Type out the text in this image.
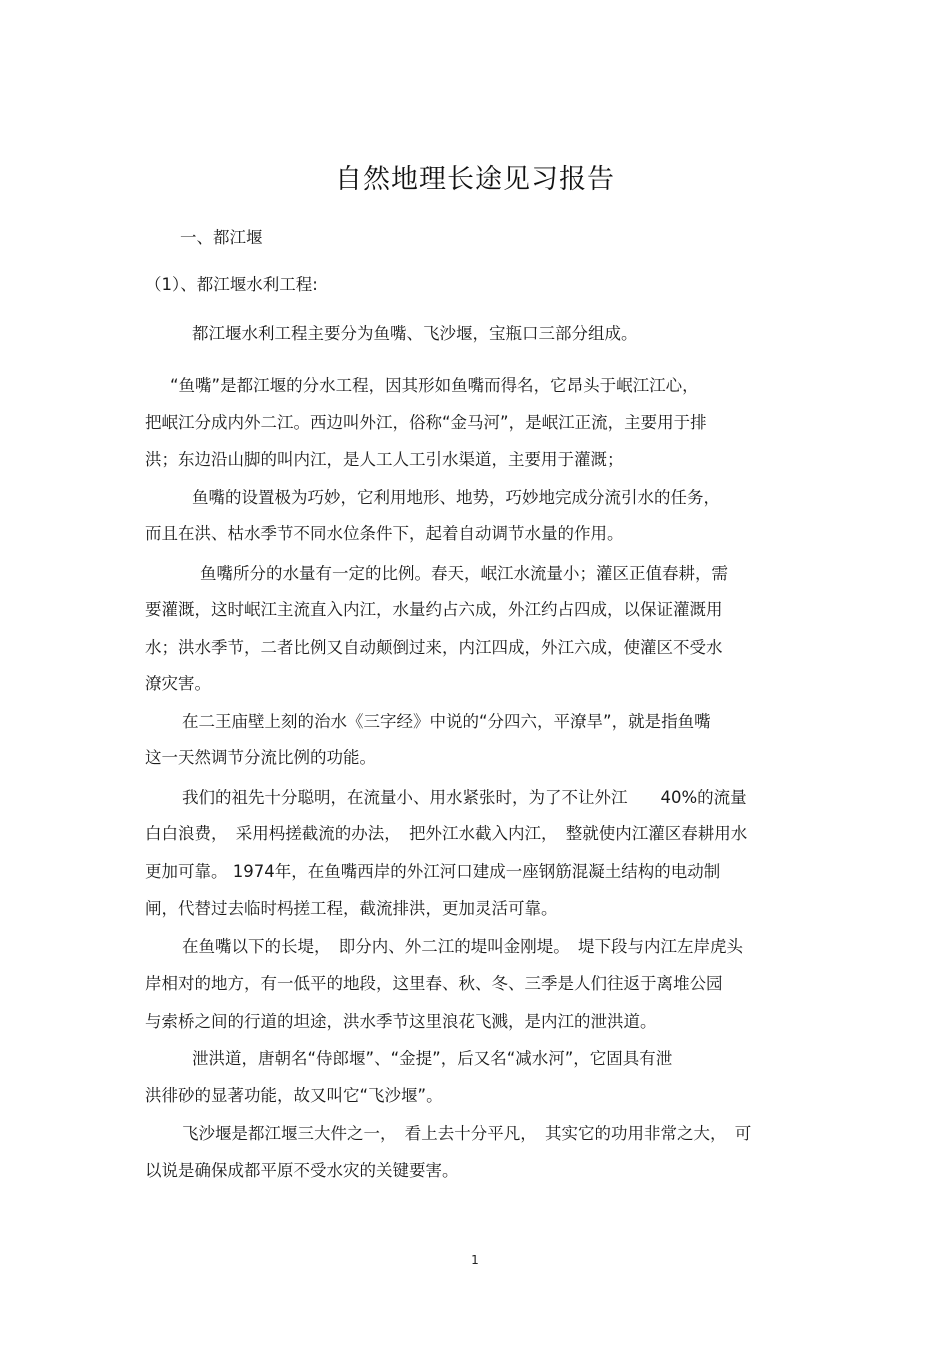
自然地理长途见习报告
一、都江堰
（1）、都江堰水利工程:
都江堰水利工程主要分为鱼嘴、飞沙堰，宝瓶口三部分组成。
“鱼嘴”是都江堰的分水工程，因其形如鱼嘴而得名，它昂头于岷江江心，
把岷江分成内外二江。西边叫外江，俗称“金马河”，是岷江正流，主要用于排
洪；东边沿山脚的叫内江，是人工人工引水渠道，主要用于灌溉；
鱼嘴的设置极为巧妙，它利用地形、地势，巧妙地完成分流引水的任务，
而且在洪、枯水季节不同水位条件下，起着自动调节水量的作用。
鱼嘴所分的水量有一定的比例。春天，岷江水流量小；灌区正值春耕，需
要灌溉，这时岷江主流直入内江，水量约占六成，外江约占四成，以保证灌溉用
水；洪水季节，二者比例又自动颠倒过来，内江四成，外江六成，使灌区不受水
潦灾害。
在二王庙壁上刻的治水《三字经》中说的“分四六，平潦旱”，就是指鱼嘴
这一天然调节分流比例的功能。
我们的祖先十分聪明，在流量小、用水紧张时，为了不让外江　　40%的流量
白白浪费，　采用杩搓截流的办法，　把外江水截入内江，　整就使内江灌区春耕用水
更加可靠。 1974年，在鱼嘴西岸的外江河口建成一座钢筋混凝土结构的电动制
闸，代替过去临时杩搓工程，截流排洪，更加灵活可靠。
在鱼嘴以下的长堤，　即分内、外二江的堤叫金刚堤。　堤下段与内江左岸虎头
岸相对的地方，有一低平的地段，这里春、秋、冬、三季是人们往返于离堆公园
与索桥之间的行道的坦途，洪水季节这里浪花飞溅，是内江的泄洪道。
泄洪道，唐朝名“侍郎堰”、“金提”，后又名“减水河”，它固具有泄
洪徘砂的显著功能，故又叫它“飞沙堰”。
飞沙堰是都江堰三大件之一，　看上去十分平凡，　其实它的功用非常之大，　可
以说是确保成都平原不受水灾的关键要害。
1
